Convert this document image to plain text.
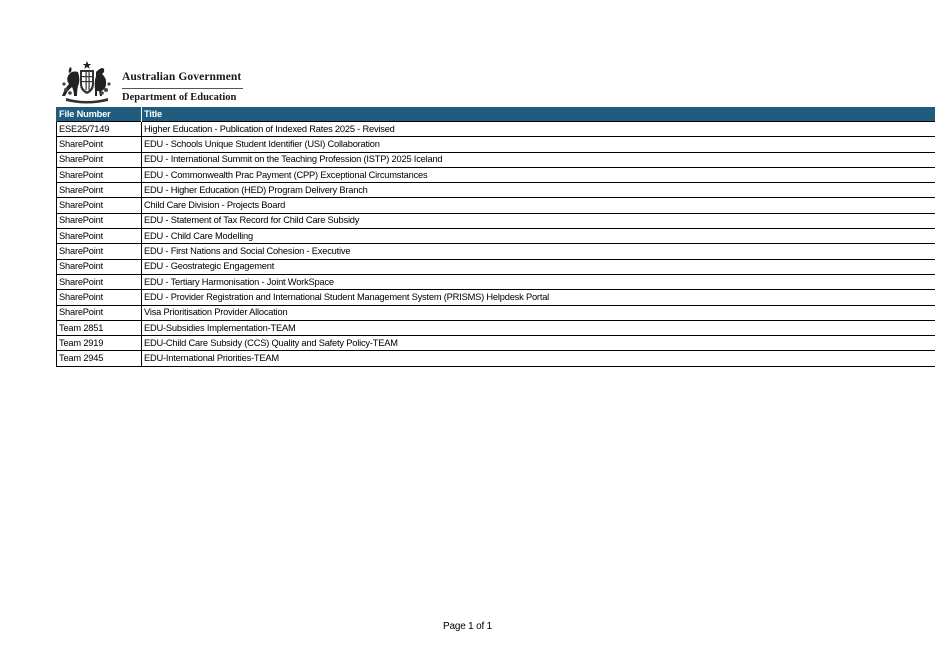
Australian Government
Department of Education
File Number	Title
ESE25/7149	Higher Education - Publication of Indexed Rates 2025 - Revised
SharePoint	EDU - Schools Unique Student Identifier (USI) Collaboration
SharePoint	EDU - International Summit on the Teaching Profession (ISTP) 2025 Iceland
SharePoint	EDU - Commonwealth Prac Payment (CPP) Exceptional Circumstances
SharePoint	EDU - Higher Education (HED) Program Delivery Branch
SharePoint	Child Care Division - Projects Board
SharePoint	EDU - Statement of Tax Record for Child Care Subsidy
SharePoint	EDU - Child Care Modelling
SharePoint	EDU - First Nations and Social Cohesion - Executive
SharePoint	EDU - Geostrategic Engagement
SharePoint	EDU - Tertiary Harmonisation - Joint WorkSpace
SharePoint	EDU - Provider Registration and International Student Management System (PRISMS) Helpdesk Portal
SharePoint	Visa Prioritisation Provider Allocation
Team 2851	EDU-Subsidies Implementation-TEAM
Team 2919	EDU-Child Care Subsidy (CCS) Quality and Safety Policy-TEAM
Team 2945	EDU-International Priorities-TEAM
Page 1 of 1
